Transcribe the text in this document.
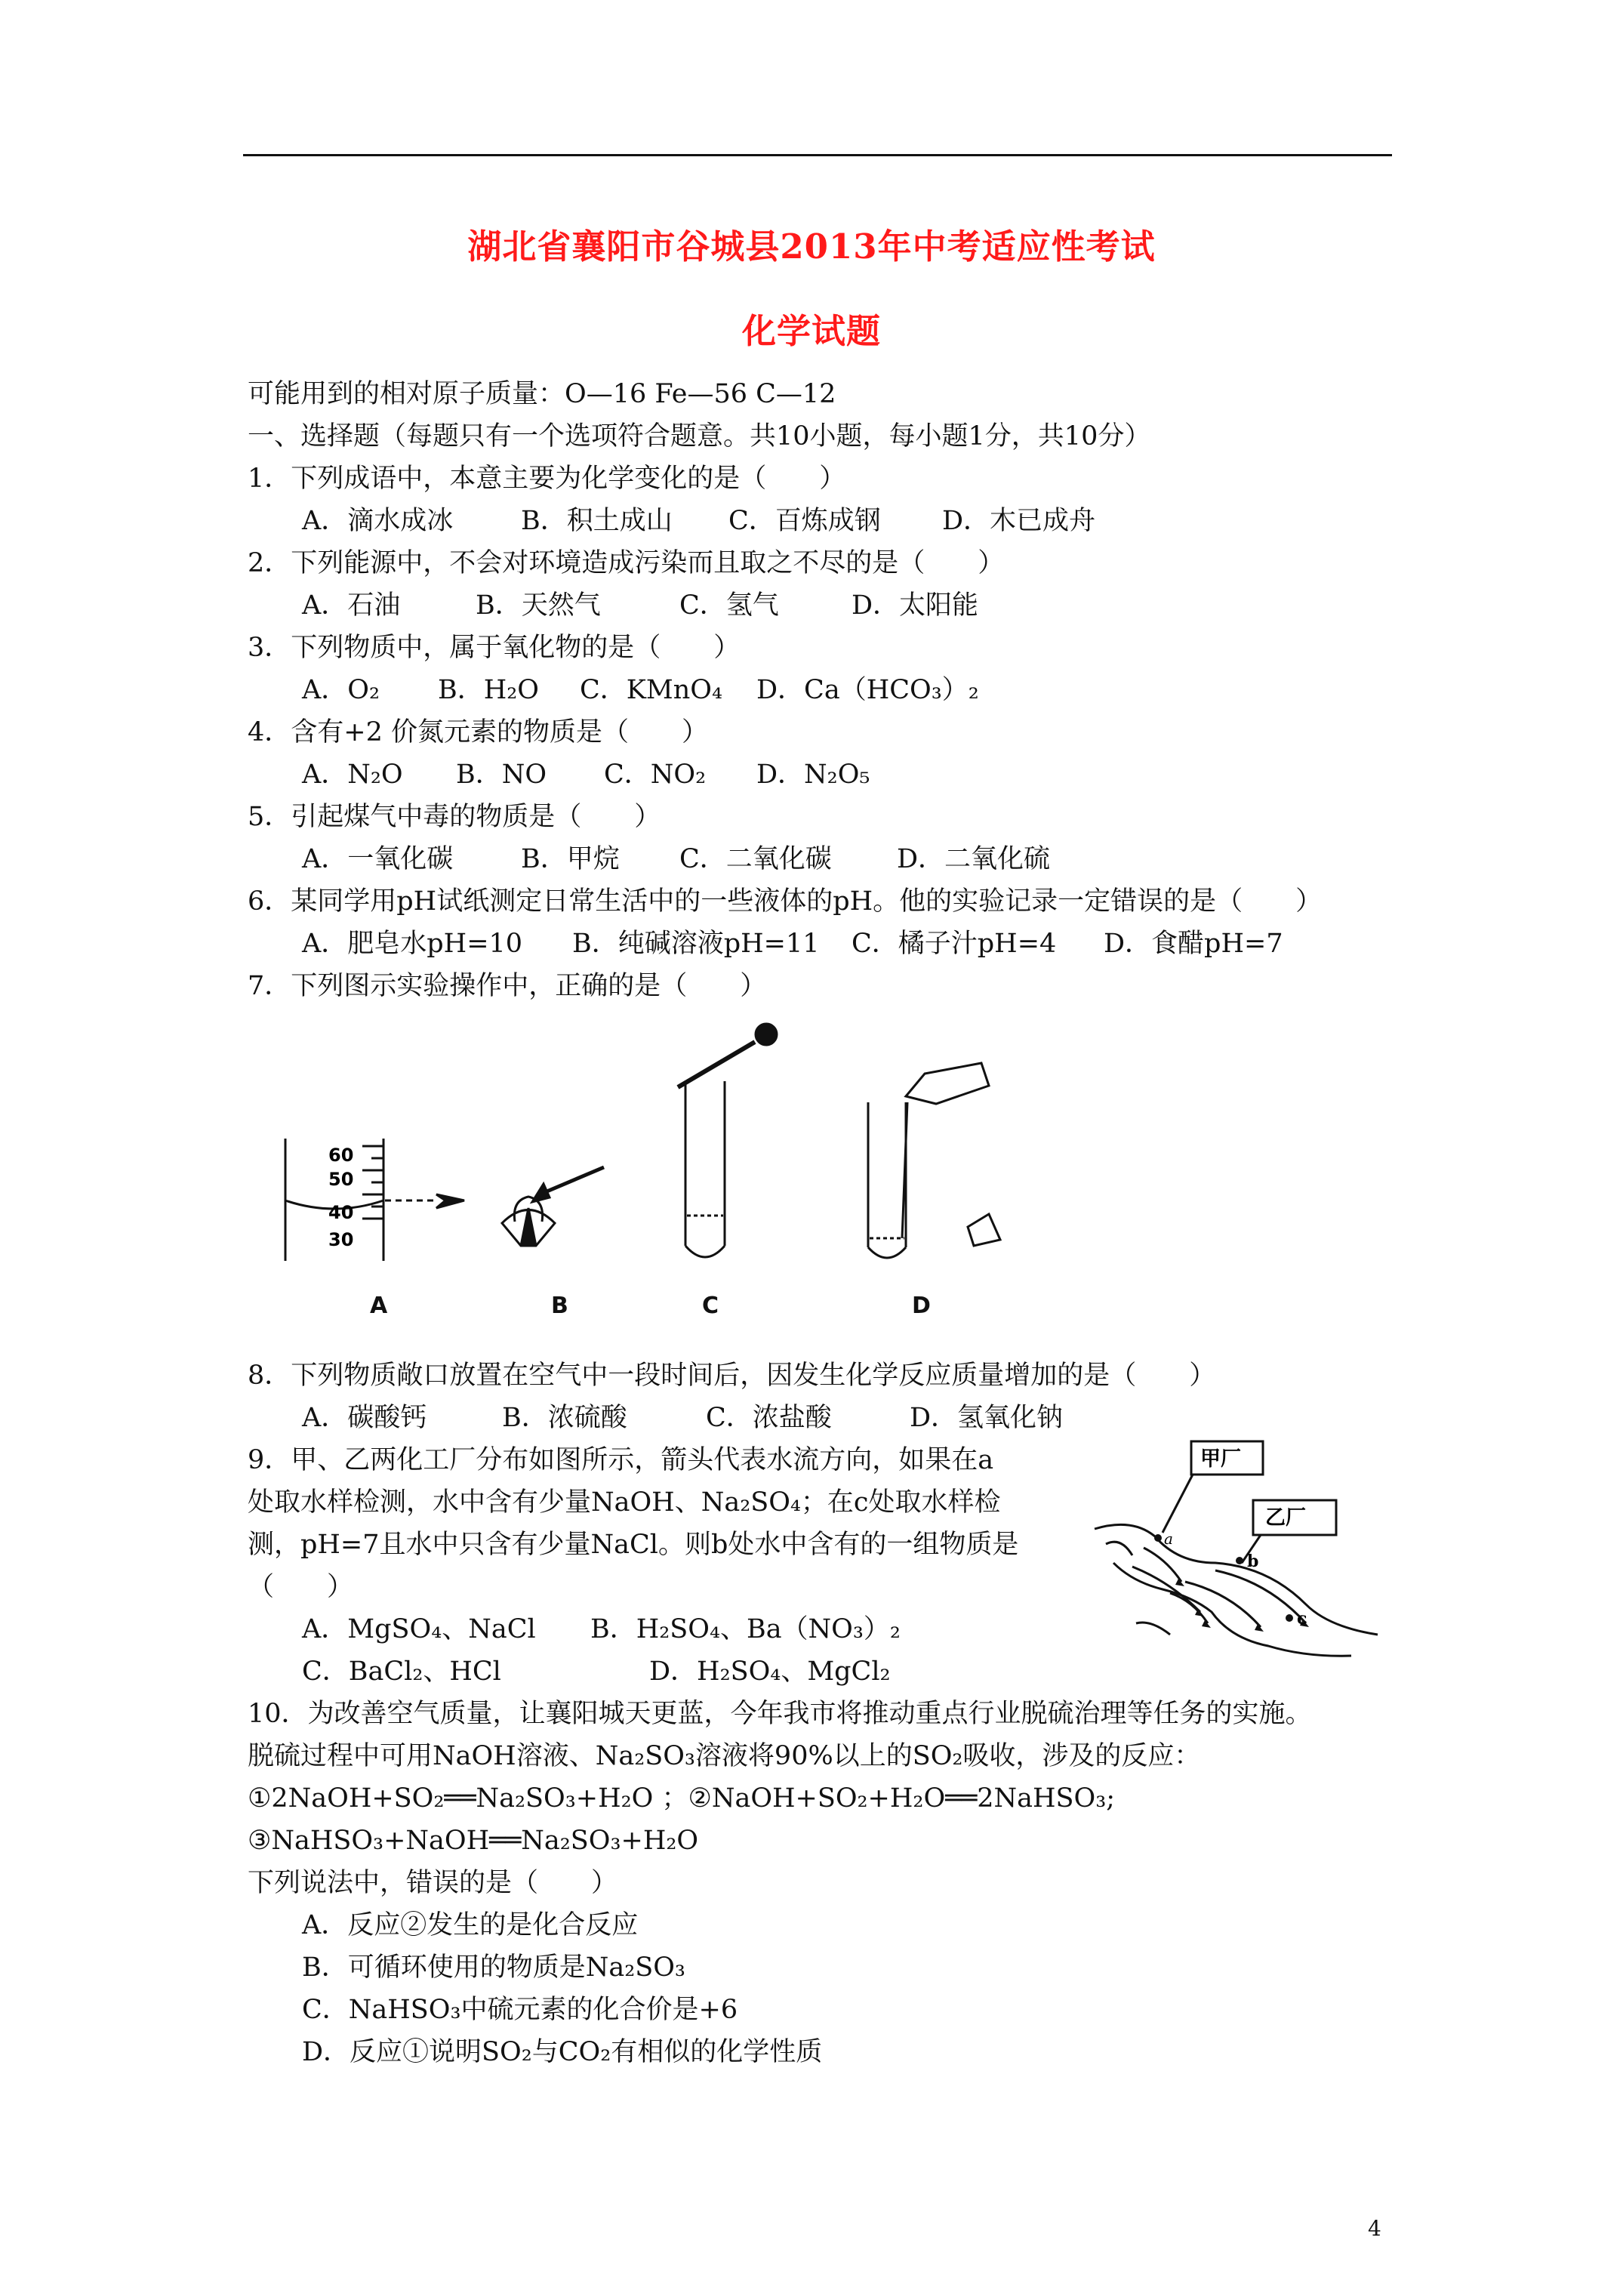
湖北省襄阳市谷城县2013年中考适应性考试
化学试题
可能用到的相对原子质量：O—16 Fe—56 C—12
一、选择题（每题只有一个选项符合题意。共10小题，每小题1分，共10分）
1．下列成语中，本意主要为化学变化的是（　　）
A．滴水成冰	B．积土成山 C．百炼成钢 D．木已成舟
2．下列能源中，不会对环境造成污染而且取之不尽的是（　　）
A．石油	B．天然气	C．氢气	D．太阳能
3．下列物质中，属于氧化物的是（　　）
A．O₂ B．H₂O C．KMnO₄ D．Ca（HCO₃）₂
4．含有+2 价氮元素的物质是（　　）
A．N₂O B．NO C．NO₂ D．N₂O₅
5．引起煤气中毒的物质是（　　）
A．一氧化碳	B．甲烷 C．二氧化碳 D．二氧化硫
6．某同学用pH试纸测定日常生活中的一些液体的pH。他的实验记录一定错误的是（　　）
A．肥皂水pH=10 B．纯碱溶液pH=11 C．橘子汁pH=4 D．食醋pH=7
7．下列图示实验操作中，正确的是（　　）
60
50
40
30
A	B	C	D
8．下列物质敞口放置在空气中一段时间后，因发生化学反应质量增加的是（　　）
A．碳酸钙	B．浓硫酸	C．浓盐酸	D．氢氧化钠
9．甲、乙两化工厂分布如图所示，箭头代表水流方向，如果在a
处取水样检测，水中含有少量NaOH、Na₂SO₄；在c处取水样检
测，pH=7且水中只含有少量NaCl。则b处水中含有的一组物质是
（　　）
A．MgSO₄、NaCl B．H₂SO₄、Ba（NO₃）₂
C．BaCl₂、HCl	D．H₂SO₄、MgCl₂
甲厂
乙厂
a
b
c
10．为改善空气质量，让襄阳城天更蓝，今年我市将推动重点行业脱硫治理等任务的实施。
脱硫过程中可用NaOH溶液、Na₂SO₃溶液将90%以上的SO₂吸收，涉及的反应：
①2NaOH+SO₂══Na₂SO₃+H₂O ；②NaOH+SO₂+H₂O══2NaHSO₃;
③NaHSO₃+NaOH══Na₂SO₃+H₂O
下列说法中，错误的是（　　）
A．反应②发生的是化合反应
B．可循环使用的物质是Na₂SO₃
C．NaHSO₃中硫元素的化合价是+6
D．反应①说明SO₂与CO₂有相似的化学性质
4
